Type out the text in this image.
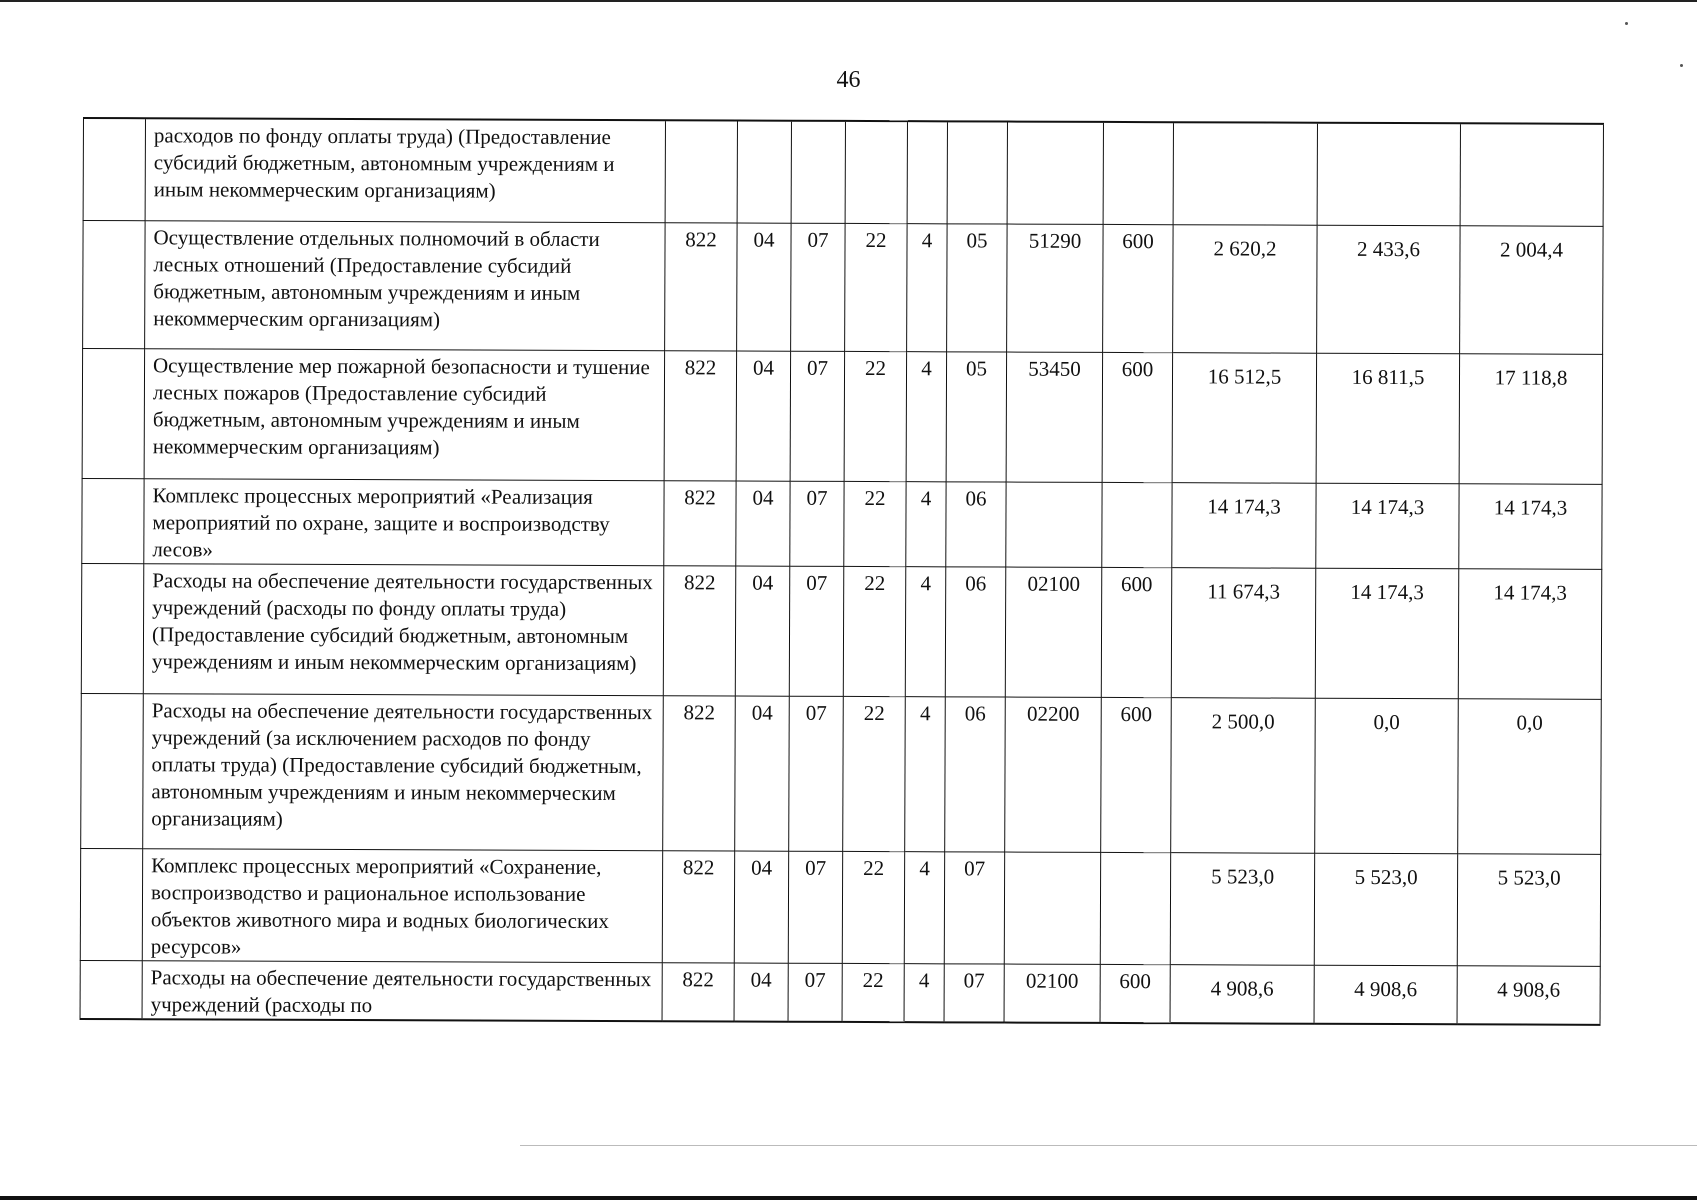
46
	расходов по фонду оплаты труда) (Предоставление субсидий бюджетным, автономным учреждениям и иным некоммерческим организациям)											
	Осуществление отдельных полномочий в области лесных отношений (Предоставление субсидий бюджетным, автономным учреждениям и иным некоммерческим организациям)	822	04	07	22	4	05	51290	600	2 620,2	2 433,6	2 004,4
	Осуществление мер пожарной безопасности и тушение лесных пожаров (Предоставление субсидий бюджетным, автономным учреждениям и иным некоммерческим организациям)	822	04	07	22	4	05	53450	600	16 512,5	16 811,5	17 118,8
	Комплекс процессных мероприятий «Реализация мероприятий по охране, защите и воспроизводству лесов»	822	04	07	22	4	06			14 174,3	14 174,3	14 174,3
	Расходы на обеспечение деятельности государственных учреждений (расходы по фонду оплаты труда) (Предоставление субсидий бюджетным, автономным учреждениям и иным некоммерческим организациям)	822	04	07	22	4	06	02100	600	11 674,3	14 174,3	14 174,3
	Расходы на обеспечение деятельности государственных учреждений (за исключением расходов по фонду оплаты труда) (Предоставление субсидий бюджетным, автономным учреждениям и иным некоммерческим организациям)	822	04	07	22	4	06	02200	600	2 500,0	0,0	0,0
	Комплекс процессных мероприятий «Сохранение, воспроизводство и рациональное использование объектов животного мира и водных биологических ресурсов»	822	04	07	22	4	07			5 523,0	5 523,0	5 523,0
	Расходы на обеспечение деятельности государственных учреждений (расходы по	822	04	07	22	4	07	02100	600	4 908,6	4 908,6	4 908,6
